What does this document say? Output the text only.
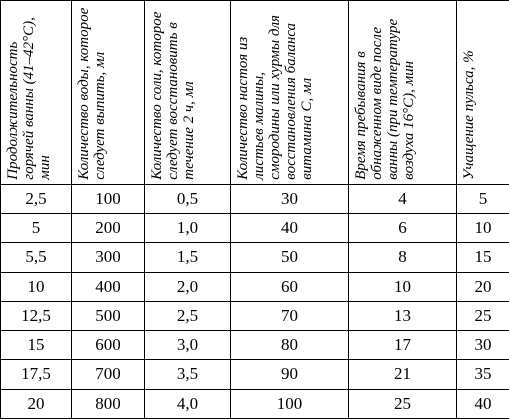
Продолжительность горячей ванны (41–42°С), мин	Количество воды, которое следует выпить, мл	Количество соли, которое следует восстановить в течение 2 ч, мл	Количество настоя из листьев малины, смородины или хурмы для восстановления баланса витамина С, мл	Время пребывания в обнаженном виде после ванны (при температуре воздуха 16°С), мин	Учащение пульса, %

2,5	100	0,5	30	4	5
5	200	1,0	40	6	10
5,5	300	1,5	50	8	15
10	400	2,0	60	10	20
12,5	500	2,5	70	13	25
15	600	3,0	80	17	30
17,5	700	3,5	90	21	35
20	800	4,0	100	25	40
